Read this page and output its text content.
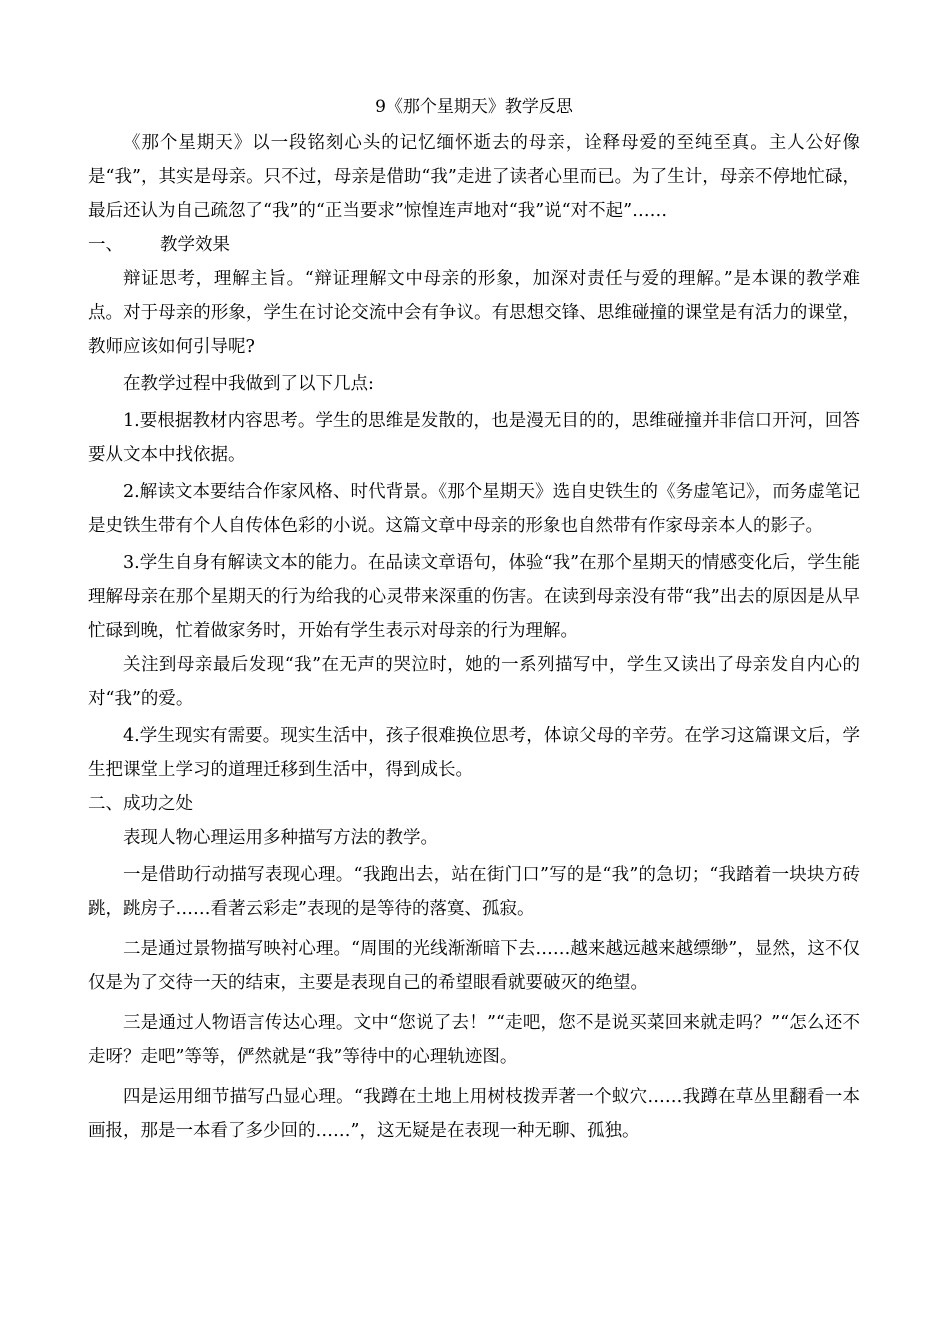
9《那个星期天》教学反思

《那个星期天》以一段铭刻心头的记忆缅怀逝去的母亲，诠释母爱的至纯至真。主人公好像是“我”，其实是母亲。只不过，母亲是借助“我”走进了读者心里而已。为了生计，母亲不停地忙碌，最后还认为自己疏忽了“我”的“正当要求”惊惶连声地对“我”说“对不起”……

一、 教学效果

辩证思考，理解主旨。“辩证理解文中母亲的形象，加深对责任与爱的理解。”是本课的教学难点。对于母亲的形象，学生在讨论交流中会有争议。有思想交锋、思维碰撞的课堂是有活力的课堂，教师应该如何引导呢?

在教学过程中我做到了以下几点:

1.要根据教材内容思考。学生的思维是发散的，也是漫无目的的，思维碰撞并非信口开河，回答要从文本中找依据。

2.解读文本要结合作家风格、时代背景。《那个星期天》选自史铁生的《务虚笔记》，而务虚笔记是史铁生带有个人自传体色彩的小说。这篇文章中母亲的形象也自然带有作家母亲本人的影子。

3.学生自身有解读文本的能力。在品读文章语句，体验“我”在那个星期天的情感变化后，学生能理解母亲在那个星期天的行为给我的心灵带来深重的伤害。在读到母亲没有带“我”出去的原因是从早忙碌到晚，忙着做家务时，开始有学生表示对母亲的行为理解。

关注到母亲最后发现“我”在无声的哭泣时，她的一系列描写中，学生又读出了母亲发自内心的对“我”的爱。

4.学生现实有需要。现实生活中，孩子很难换位思考，体谅父母的辛劳。在学习这篇课文后，学生把课堂上学习的道理迁移到生活中，得到成长。

二、成功之处

表现人物心理运用多种描写方法的教学。

一是借助行动描写表现心理。“我跑出去，站在街门口”写的是“我”的急切；“我踏着一块块方砖跳，跳房子……看著云彩走”表现的是等待的落寞、孤寂。

二是通过景物描写映衬心理。“周围的光线渐渐暗下去……越来越远越来越缥缈”，显然，这不仅仅是为了交待一天的结束，主要是表现自己的希望眼看就要破灭的绝望。

三是通过人物语言传达心理。文中“您说了去！”“走吧，您不是说买菜回来就走吗？”“怎么还不走呀？走吧”等等，俨然就是“我”等待中的心理轨迹图。

四是运用细节描写凸显心理。“我蹲在土地上用树枝拨弄著一个蚁穴……我蹲在草丛里翻看一本画报，那是一本看了多少回的……”，这无疑是在表现一种无聊、孤独。
